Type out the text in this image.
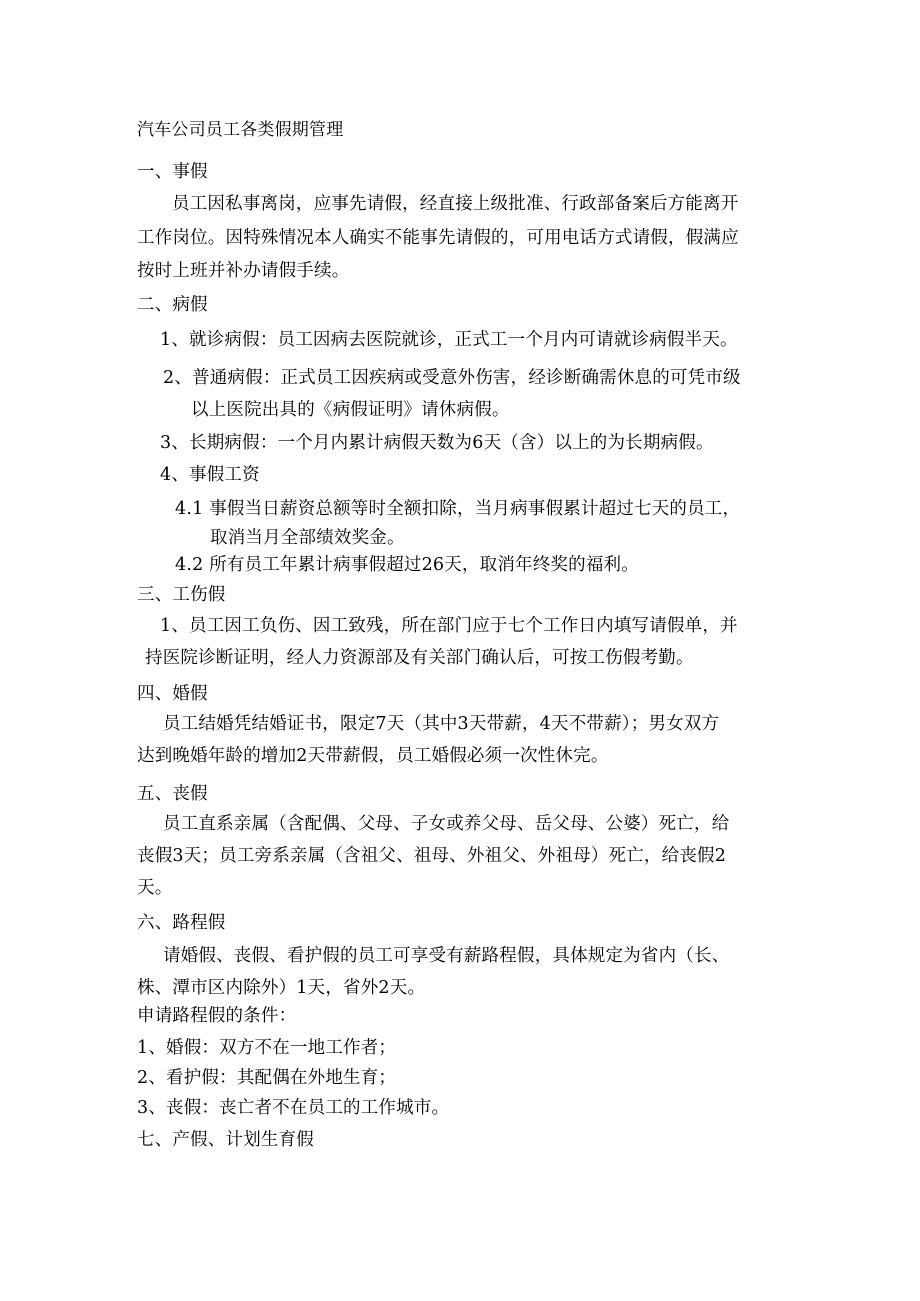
汽车公司员工各类假期管理
一、事假
员工因私事离岗，应事先请假，经直接上级批准、行政部备案后方能离开
工作岗位。因特殊情况本人确实不能事先请假的，可用电话方式请假，假满应
按时上班并补办请假手续。
二、病假
1、就诊病假：员工因病去医院就诊，正式工一个月内可请就诊病假半天。
2、普通病假：正式员工因疾病或受意外伤害，经诊断确需休息的可凭市级
以上医院出具的《病假证明》请休病假。
3、长期病假：一个月内累计病假天数为6天（含）以上的为长期病假。
4、事假工资
4.1 事假当日薪资总额等时全额扣除，当月病事假累计超过七天的员工，
取消当月全部绩效奖金。
4.2 所有员工年累计病事假超过26天，取消年终奖的福利。
三、工伤假
1、员工因工负伤、因工致残，所在部门应于七个工作日内填写请假单，并
持医院诊断证明，经人力资源部及有关部门确认后，可按工伤假考勤。
四、婚假
员工结婚凭结婚证书，限定7天（其中3天带薪，4天不带薪）；男女双方
达到晚婚年龄的增加2天带薪假，员工婚假必须一次性休完。
五、丧假
员工直系亲属（含配偶、父母、子女或养父母、岳父母、公婆）死亡，给
丧假3天；员工旁系亲属（含祖父、祖母、外祖父、外祖母）死亡，给丧假2
天。
六、路程假
请婚假、丧假、看护假的员工可享受有薪路程假，具体规定为省内（长、
株、潭市区内除外）1天，省外2天。
申请路程假的条件：
1、婚假：双方不在一地工作者；
2、看护假：其配偶在外地生育；
3、丧假：丧亡者不在员工的工作城市。
七、产假、计划生育假
